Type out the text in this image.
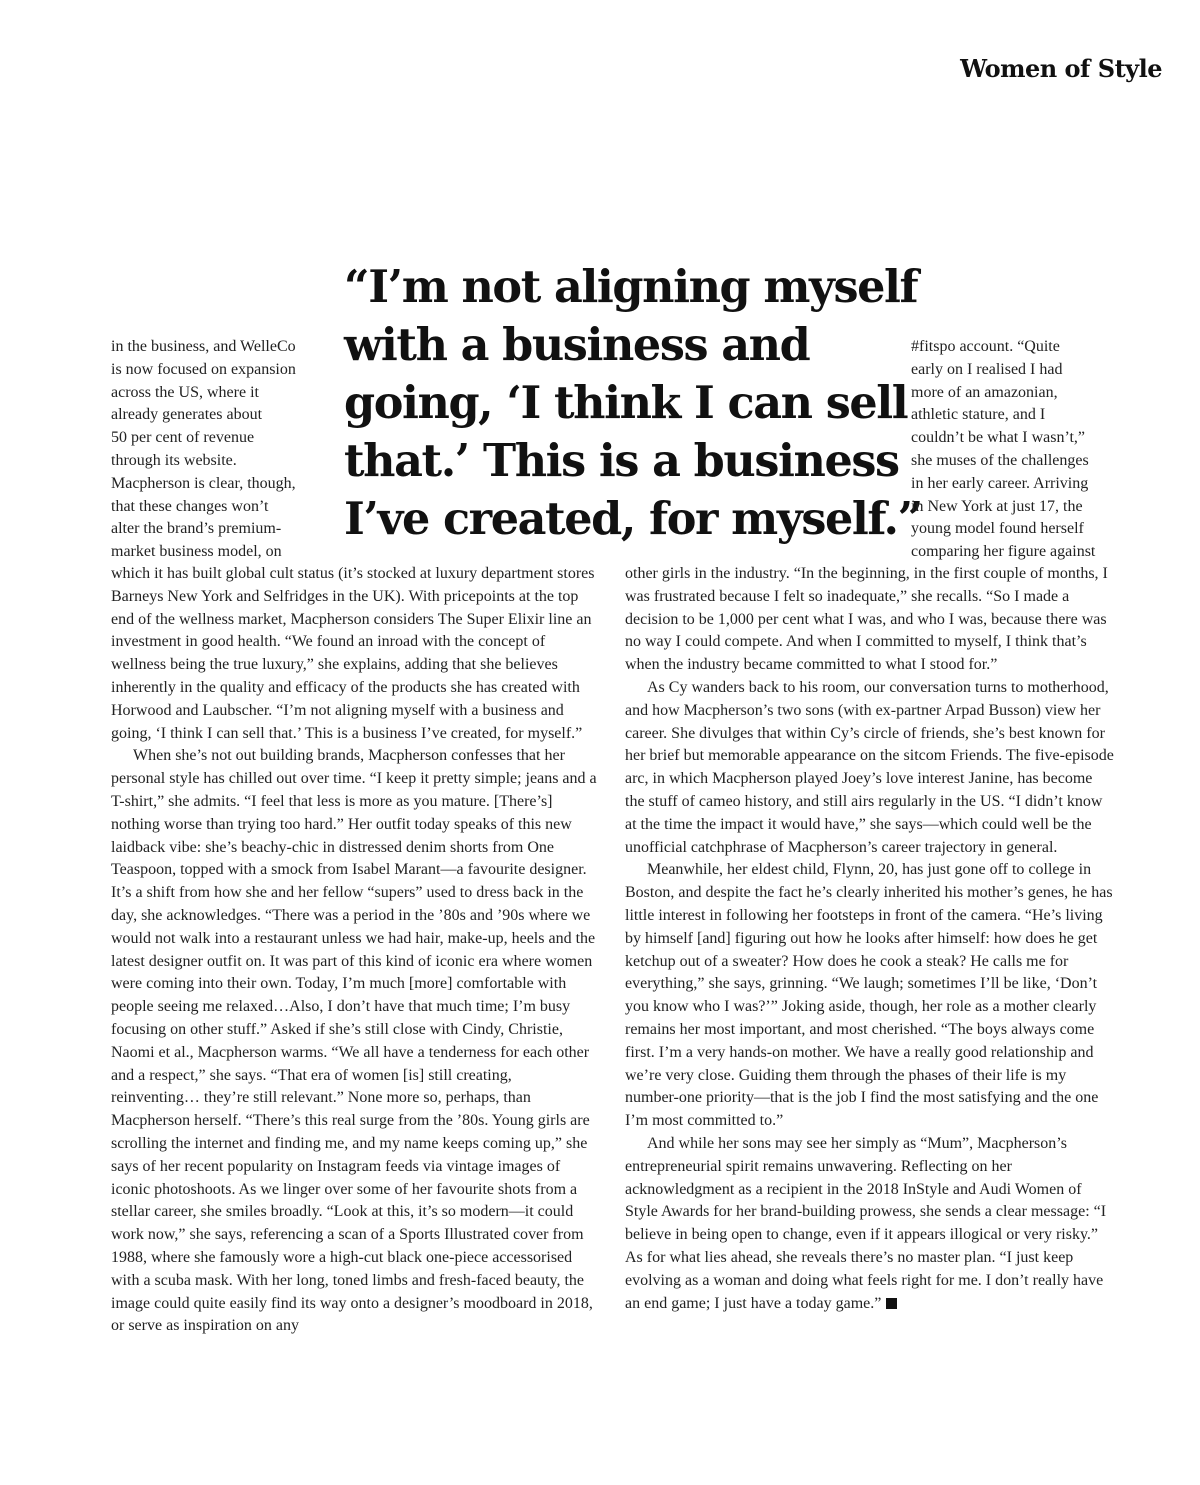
Women of Style
“I’m not aligning myself
with a business and
going, ‘I think I can sell
that.’ This is a business
I’ve created, for myself.”
in the business, and WelleCo
is now focused on expansion
across the US, where it
already generates about
50 per cent of revenue
through its website.
Macpherson is clear, though,
that these changes won’t
alter the brand’s premium-
market business model, on
#fitspo account. “Quite
early on I realised I had
more of an amazonian,
athletic stature, and I
couldn’t be what I wasn’t,”
she muses of the challenges
in her early career. Arriving
in New York at just 17, the
young model found herself
comparing her figure against

which it has built global cult status (it’s stocked at luxury department stores Barneys New York and Selfridges in the UK). With pricepoints at the top end of the wellness market, Macpherson considers The Super Elixir line an investment in good health. “We found an inroad with the concept of wellness being the true luxury,” she explains, adding that she believes inherently in the quality and efficacy of the products she has created with Horwood and Laubscher. “I’m not aligning myself with a business and going, ‘I think I can sell that.’ This is a business I’ve created, for myself.”

When she’s not out building brands, Macpherson confesses that her personal style has chilled out over time. “I keep it pretty simple; jeans and a T-shirt,” she admits. “I feel that less is more as you mature. [There’s] nothing worse than trying too hard.” Her outfit today speaks of this new laidback vibe: she’s beachy-chic in distressed denim shorts from One Teaspoon, topped with a smock from Isabel Marant—a favourite designer. It’s a shift from how she and her fellow “supers” used to dress back in the day, she acknowledges. “There was a period in the ’80s and ’90s where we would not walk into a restaurant unless we had hair, make-up, heels and the latest designer outfit on. It was part of this kind of iconic era where women were coming into their own. Today, I’m much [more] comfortable with people seeing me relaxed…Also, I don’t have that much time; I’m busy focusing on other stuff.” Asked if she’s still close with Cindy, Christie, Naomi et al., Macpherson warms. “We all have a tenderness for each other and a respect,” she says. “That era of women [is] still creating, reinventing… they’re still relevant.” None more so, perhaps, than Macpherson herself. “There’s this real surge from the ’80s. Young girls are scrolling the internet and finding me, and my name keeps coming up,” she says of her recent popularity on Instagram feeds via vintage images of iconic photoshoots. As we linger over some of her favourite shots from a stellar career, she smiles broadly. “Look at this, it’s so modern—it could work now,” she says, referencing a scan of a Sports Illustrated cover from 1988, where she famously wore a high-cut black one-piece accessorised with a scuba mask. With her long, toned limbs and fresh-faced beauty, the image could quite easily find its way onto a designer’s moodboard in 2018, or serve as inspiration on any

other girls in the industry. “In the beginning, in the first couple of months, I was frustrated because I felt so inadequate,” she recalls. “So I made a decision to be 1,000 per cent what I was, and who I was, because there was no way I could compete. And when I committed to myself, I think that’s when the industry became committed to what I stood for.”

As Cy wanders back to his room, our conversation turns to motherhood, and how Macpherson’s two sons (with ex-partner Arpad Busson) view her career. She divulges that within Cy’s circle of friends, she’s best known for her brief but memorable appearance on the sitcom Friends. The five-episode arc, in which Macpherson played Joey’s love interest Janine, has become the stuff of cameo history, and still airs regularly in the US. “I didn’t know at the time the impact it would have,” she says—which could well be the unofficial catchphrase of Macpherson’s career trajectory in general.

Meanwhile, her eldest child, Flynn, 20, has just gone off to college in Boston, and despite the fact he’s clearly inherited his mother’s genes, he has little interest in following her footsteps in front of the camera. “He’s living by himself [and] figuring out how he looks after himself: how does he get ketchup out of a sweater? How does he cook a steak? He calls me for everything,” she says, grinning. “We laugh; sometimes I’ll be like, ‘Don’t you know who I was?’” Joking aside, though, her role as a mother clearly remains her most important, and most cherished. “The boys always come first. I’m a very hands-on mother. We have a really good relationship and we’re very close. Guiding them through the phases of their life is my number-one priority—that is the job I find the most satisfying and the one I’m most committed to.”

And while her sons may see her simply as “Mum”, Macpherson’s entrepreneurial spirit remains unwavering. Reflecting on her acknowledgment as a recipient in the 2018 InStyle and Audi Women of Style Awards for her brand-building prowess, she sends a clear message: “I believe in being open to change, even if it appears illogical or very risky.” As for what lies ahead, she reveals there’s no master plan. “I just keep evolving as a woman and doing what feels right for me. I don’t really have an end game; I just have a today game.”
